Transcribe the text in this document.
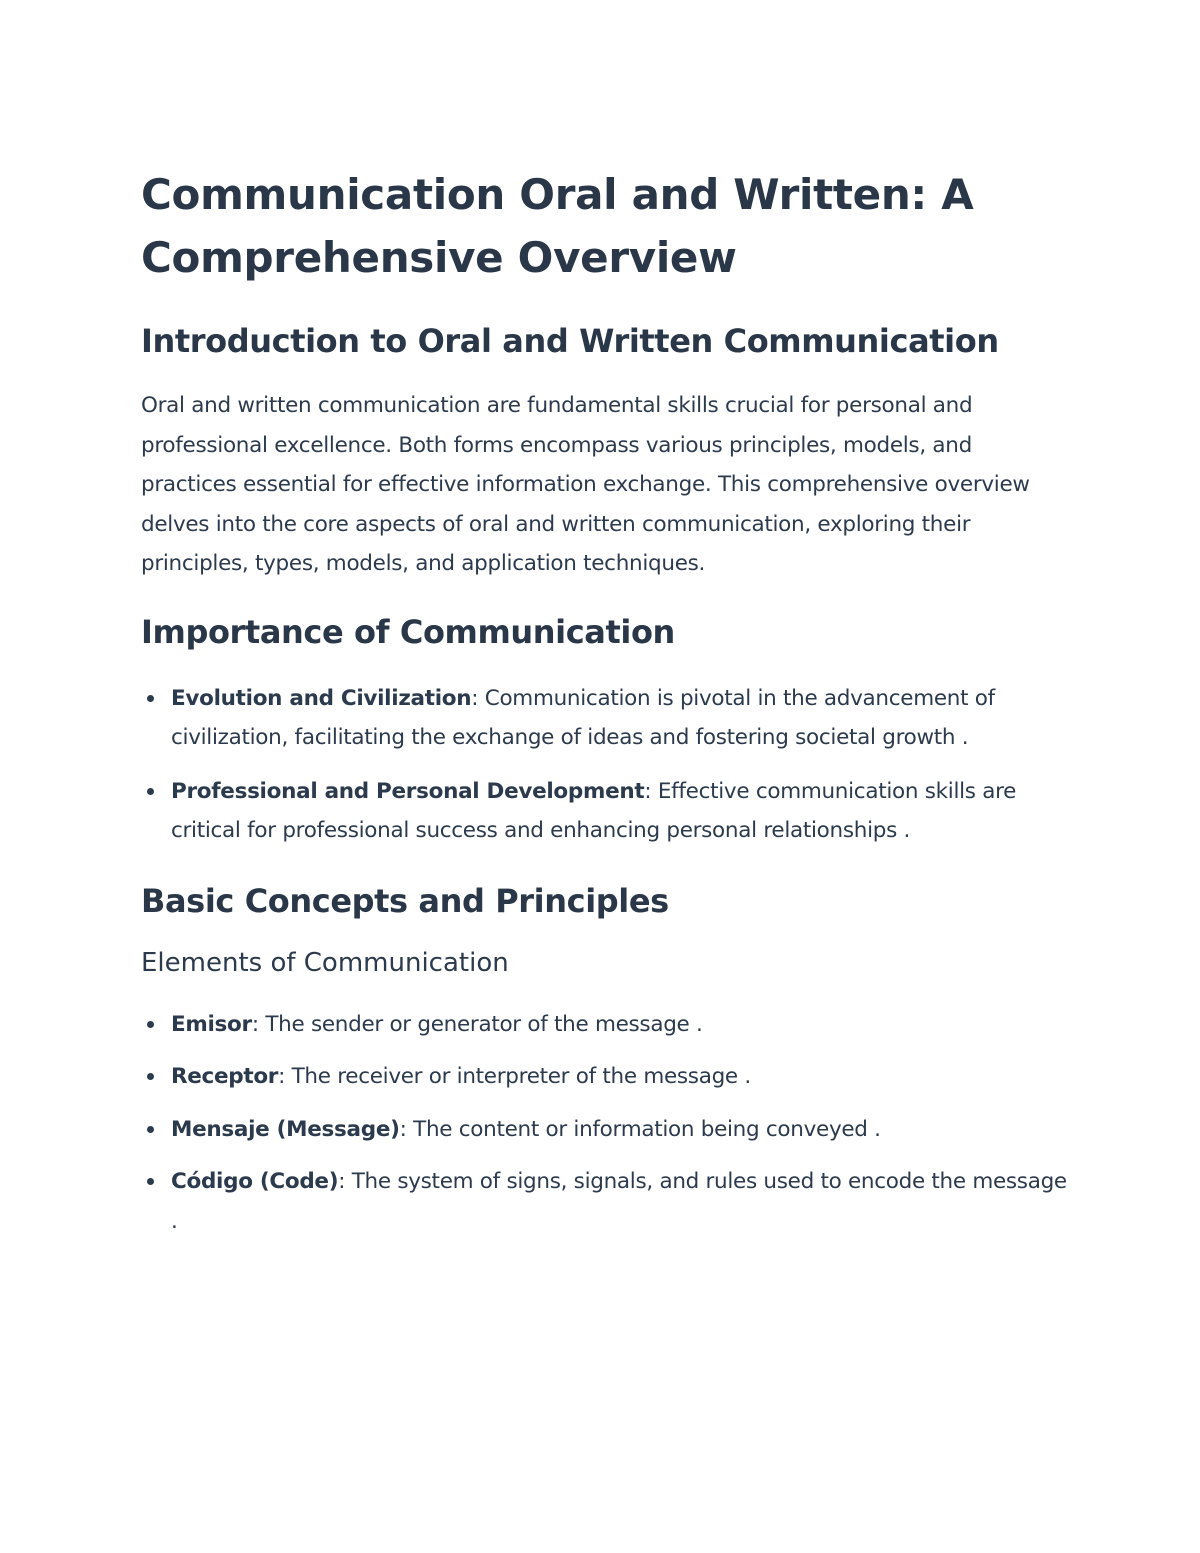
Communication Oral and Written: A Comprehensive Overview
Introduction to Oral and Written Communication

Oral and written communication are fundamental skills crucial for personal and professional excellence. Both forms encompass various principles, models, and practices essential for effective information exchange. This comprehensive overview delves into the core aspects of oral and written communication, exploring their principles, types, models, and application techniques.

Importance of Communication
Evolution and Civilization: Communication is pivotal in the advancement of civilization, facilitating the exchange of ideas and fostering societal growth .
Professional and Personal Development: Effective communication skills are critical for professional success and enhancing personal relationships .
Basic Concepts and Principles
Elements of Communication
Emisor: The sender or generator of the message .
Receptor: The receiver or interpreter of the message .
Mensaje (Message): The content or information being conveyed .
Código (Code): The system of signs, signals, and rules used to encode the message .
